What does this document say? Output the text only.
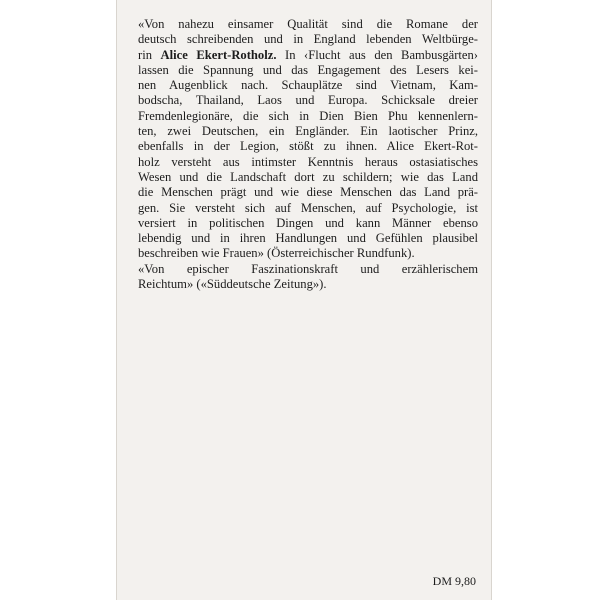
«Von nahezu einsamer Qualität sind die Romane der
deutsch schreibenden und in England lebenden Weltbürge-
rin Alice Ekert-Rotholz. In ‹Flucht aus den Bambusgärten›
lassen die Spannung und das Engagement des Lesers kei-
nen Augenblick nach. Schauplätze sind Vietnam, Kam-
bodscha, Thailand, Laos und Europa. Schicksale dreier
Fremdenlegionäre, die sich in Dien Bien Phu kennenlern-
ten, zwei Deutschen, ein Engländer. Ein laotischer Prinz,
ebenfalls in der Legion, stößt zu ihnen. Alice Ekert-Rot-
holz versteht aus intimster Kenntnis heraus ostasiatisches
Wesen und die Landschaft dort zu schildern; wie das Land
die Menschen prägt und wie diese Menschen das Land prä-
gen. Sie versteht sich auf Menschen, auf Psychologie, ist
versiert in politischen Dingen und kann Männer ebenso
lebendig und in ihren Handlungen und Gefühlen plausibel
beschreiben wie Frauen» (Österreichischer Rundfunk).
«Von epischer Faszinationskraft und erzählerischem
Reichtum» («Süddeutsche Zeitung»).
DM 9,80
